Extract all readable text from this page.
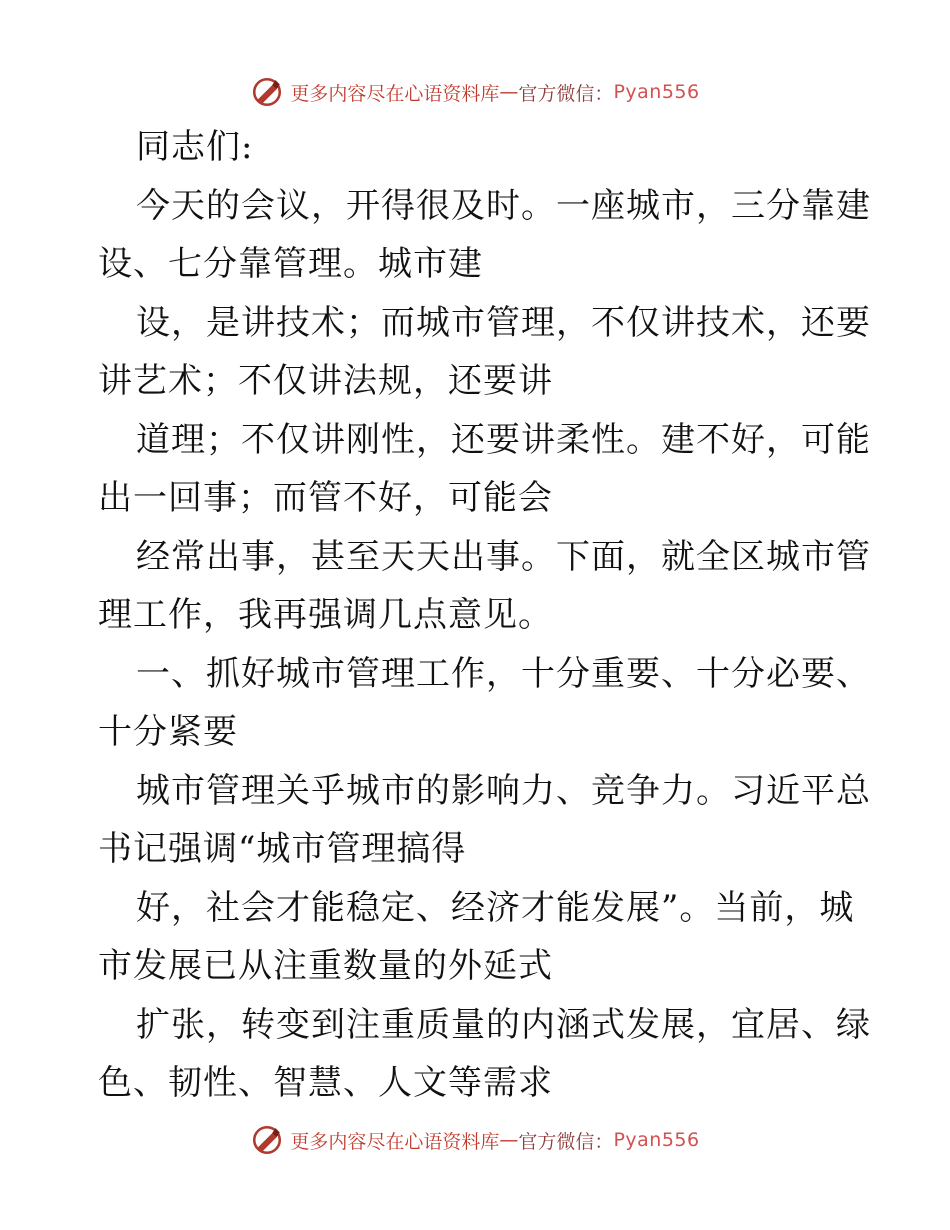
更多内容尽在心语资料库 — 官方微信： Pyan556

同志们:

今天的会议，开得很及时。一座城市，三分靠建

设、七分靠管理。城市建

设，是讲技术；而城市管理，不仅讲技术，还要

讲艺术；不仅讲法规，还要讲

道理；不仅讲刚性，还要讲柔性。建不好，可能

出一回事；而管不好，可能会

经常出事，甚至天天出事。下面，就全区城市管

理工作，我再强调几点意见。

一、抓好城市管理工作，十分重要、十分必要、

十分紧要

城市管理关乎城市的影响力、竞争力。习近平总

书记强调“城市管理搞得

好，社会才能稳定、经济才能发展”。当前，城

市发展已从注重数量的外延式

扩张，转变到注重质量的内涵式发展，宜居、绿

色、韧性、智慧、人文等需求

更多内容尽在心语资料库 — 官方微信： Pyan556
